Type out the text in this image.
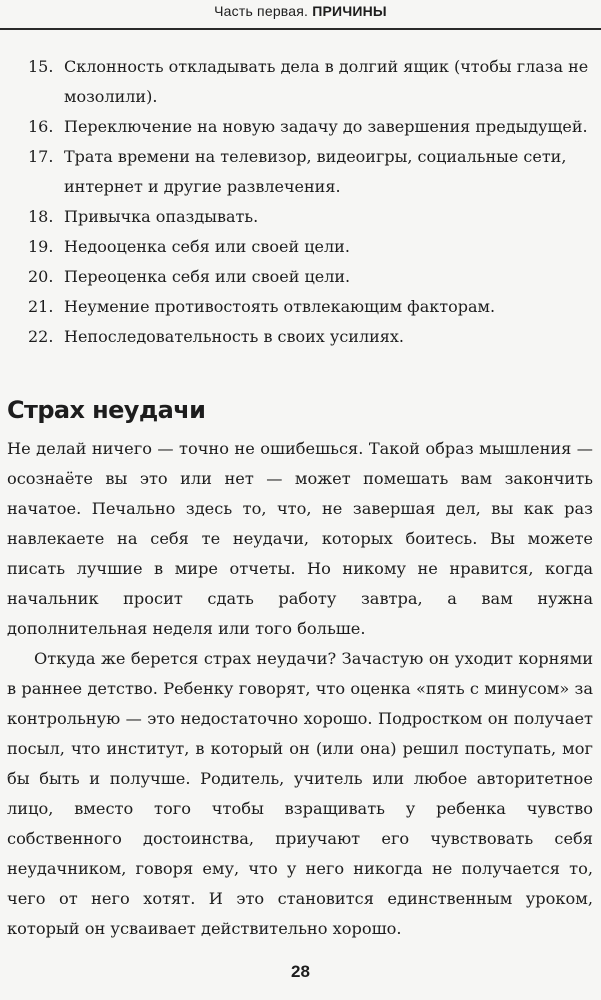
Часть первая. ПРИЧИНЫ
15. Склонность откладывать дела в долгий ящик (чтобы глаза не мозолили).
16. Переключение на новую задачу до завершения предыдущей.
17. Трата времени на телевизор, видеоигры, социальные сети, интернет и другие развлечения.
18. Привычка опаздывать.
19. Недооценка себя или своей цели.
20. Переоценка себя или своей цели.
21. Неумение противостоять отвлекающим факторам.
22. Непоследовательность в своих усилиях.
Страх неудачи

Не делай ничего — точно не ошибешься. Такой образ мышления — осознаёте вы это или нет — может помешать вам закончить начатое. Печально здесь то, что, не завершая дел, вы как раз навлекаете на себя те неудачи, которых боитесь. Вы можете писать лучшие в мире отчеты. Но никому не нравится, когда начальник просит сдать работу завтра, а вам нужна дополнительная неделя или того больше.

Откуда же берется страх неудачи? Зачастую он уходит корнями в раннее детство. Ребенку говорят, что оценка «пять с минусом» за контрольную — это недостаточно хорошо. Подростком он получает посыл, что институт, в который он (или она) решил поступать, мог бы быть и получше. Родитель, учитель или любое авторитетное лицо, вместо того чтобы взращивать у ребенка чувство собственного достоинства, приучают его чувствовать себя неудачником, говоря ему, что у него никогда не получается то, чего от него хотят. И это становится единственным уроком, который он усваивает действительно хорошо.

28
